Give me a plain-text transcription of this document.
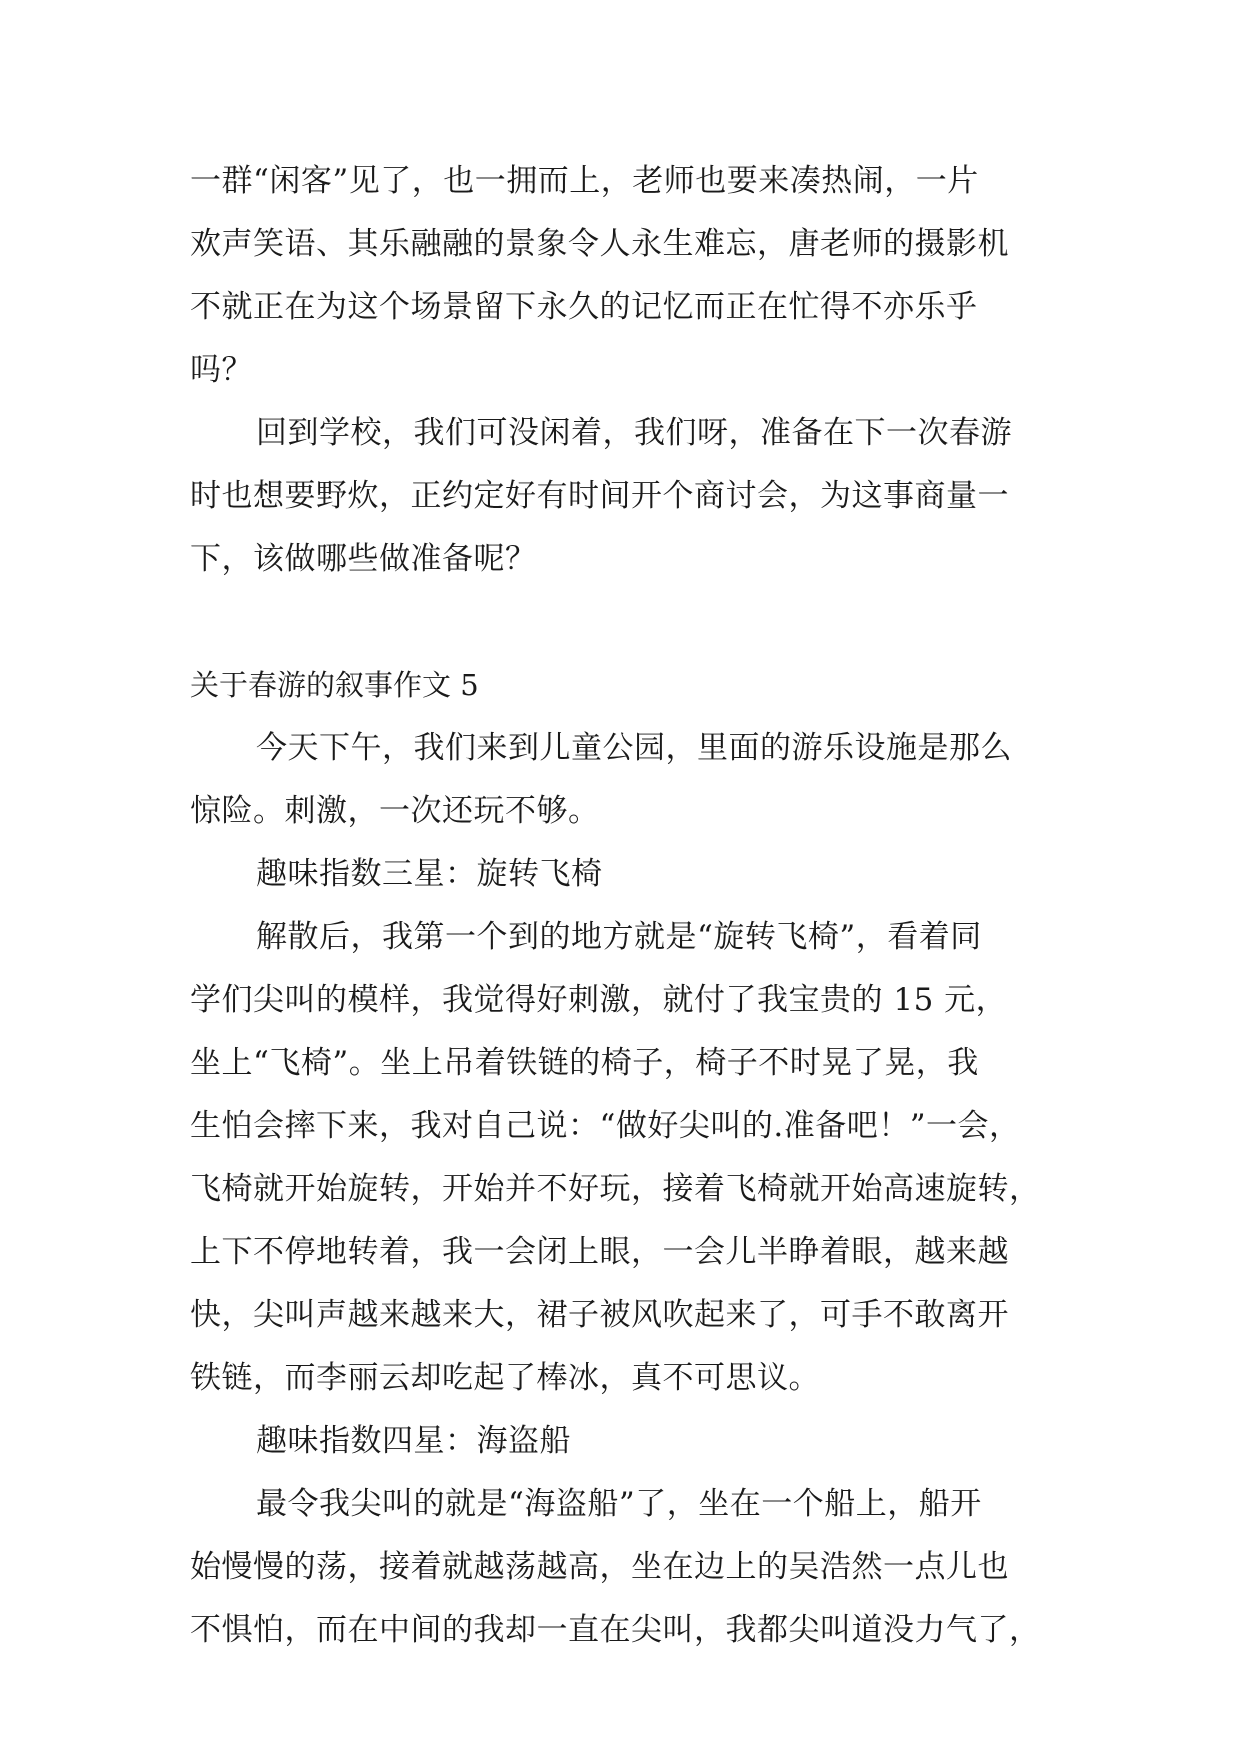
一群“闲客”见了，也一拥而上，老师也要来凑热闹，一片
欢声笑语、其乐融融的景象令人永生难忘，唐老师的摄影机
不就正在为这个场景留下永久的记忆而正在忙得不亦乐乎
吗？
回到学校，我们可没闲着，我们呀，准备在下一次春游
时也想要野炊，正约定好有时间开个商讨会，为这事商量一
下，该做哪些做准备呢？
关于春游的叙事作文 5
今天下午，我们来到儿童公园，里面的游乐设施是那么
惊险。刺激，一次还玩不够。
趣味指数三星：旋转飞椅
解散后，我第一个到的地方就是“旋转飞椅”，看着同
学们尖叫的模样，我觉得好刺激，就付了我宝贵的 15 元，
坐上“飞椅”。坐上吊着铁链的椅子，椅子不时晃了晃，我
生怕会摔下来，我对自己说：“做好尖叫的.准备吧！”一会，
飞椅就开始旋转，开始并不好玩，接着飞椅就开始高速旋转，
上下不停地转着，我一会闭上眼，一会儿半睁着眼，越来越
快，尖叫声越来越来大，裙子被风吹起来了，可手不敢离开
铁链，而李丽云却吃起了棒冰，真不可思议。
趣味指数四星：海盗船
最令我尖叫的就是“海盗船”了，坐在一个船上，船开
始慢慢的荡，接着就越荡越高，坐在边上的吴浩然一点儿也
不惧怕，而在中间的我却一直在尖叫，我都尖叫道没力气了，
